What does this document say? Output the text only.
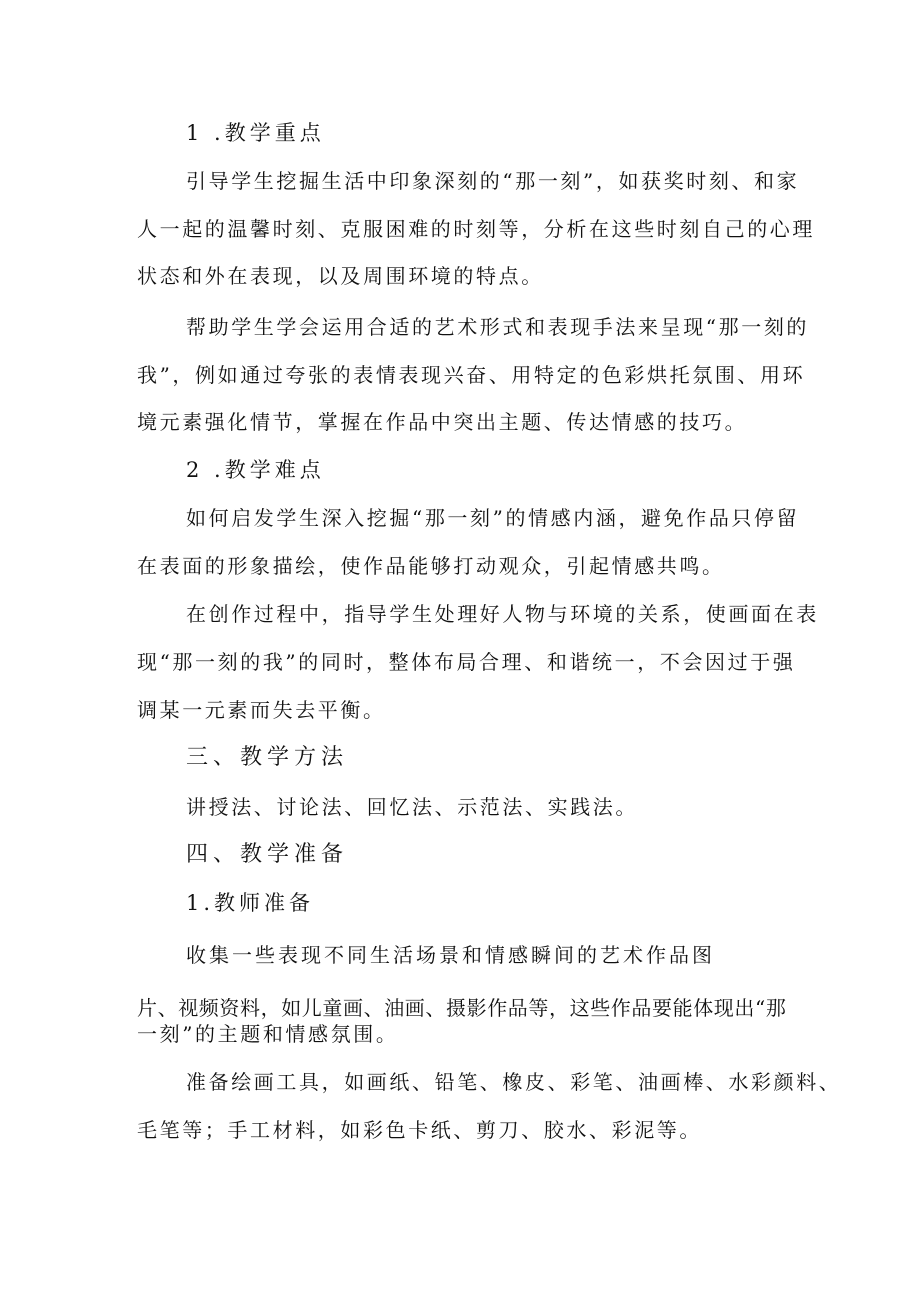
1 .教学重点
引导学生挖掘生活中印象深刻的“那一刻”，如获奖时刻、和家
人一起的温馨时刻、克服困难的时刻等，分析在这些时刻自己的心理
状态和外在表现，以及周围环境的特点。
帮助学生学会运用合适的艺术形式和表现手法来呈现“那一刻的
我”，例如通过夸张的表情表现兴奋、用特定的色彩烘托氛围、用环
境元素强化情节，掌握在作品中突出主题、传达情感的技巧。
2 .教学难点
如何启发学生深入挖掘“那一刻”的情感内涵，避免作品只停留
在表面的形象描绘，使作品能够打动观众，引起情感共鸣。
在创作过程中，指导学生处理好人物与环境的关系，使画面在表
现“那一刻的我”的同时，整体布局合理、和谐统一，不会因过于强
调某一元素而失去平衡。
三、教学方法
讲授法、讨论法、回忆法、示范法、实践法。
四、教学准备
1.教师准备
收集一些表现不同生活场景和情感瞬间的艺术作品图
片、视频资料，如儿童画、油画、摄影作品等，这些作品要能体现出“那
一刻”的主题和情感氛围。
准备绘画工具，如画纸、铅笔、橡皮、彩笔、油画棒、水彩颜料、
毛笔等；手工材料，如彩色卡纸、剪刀、胶水、彩泥等。
